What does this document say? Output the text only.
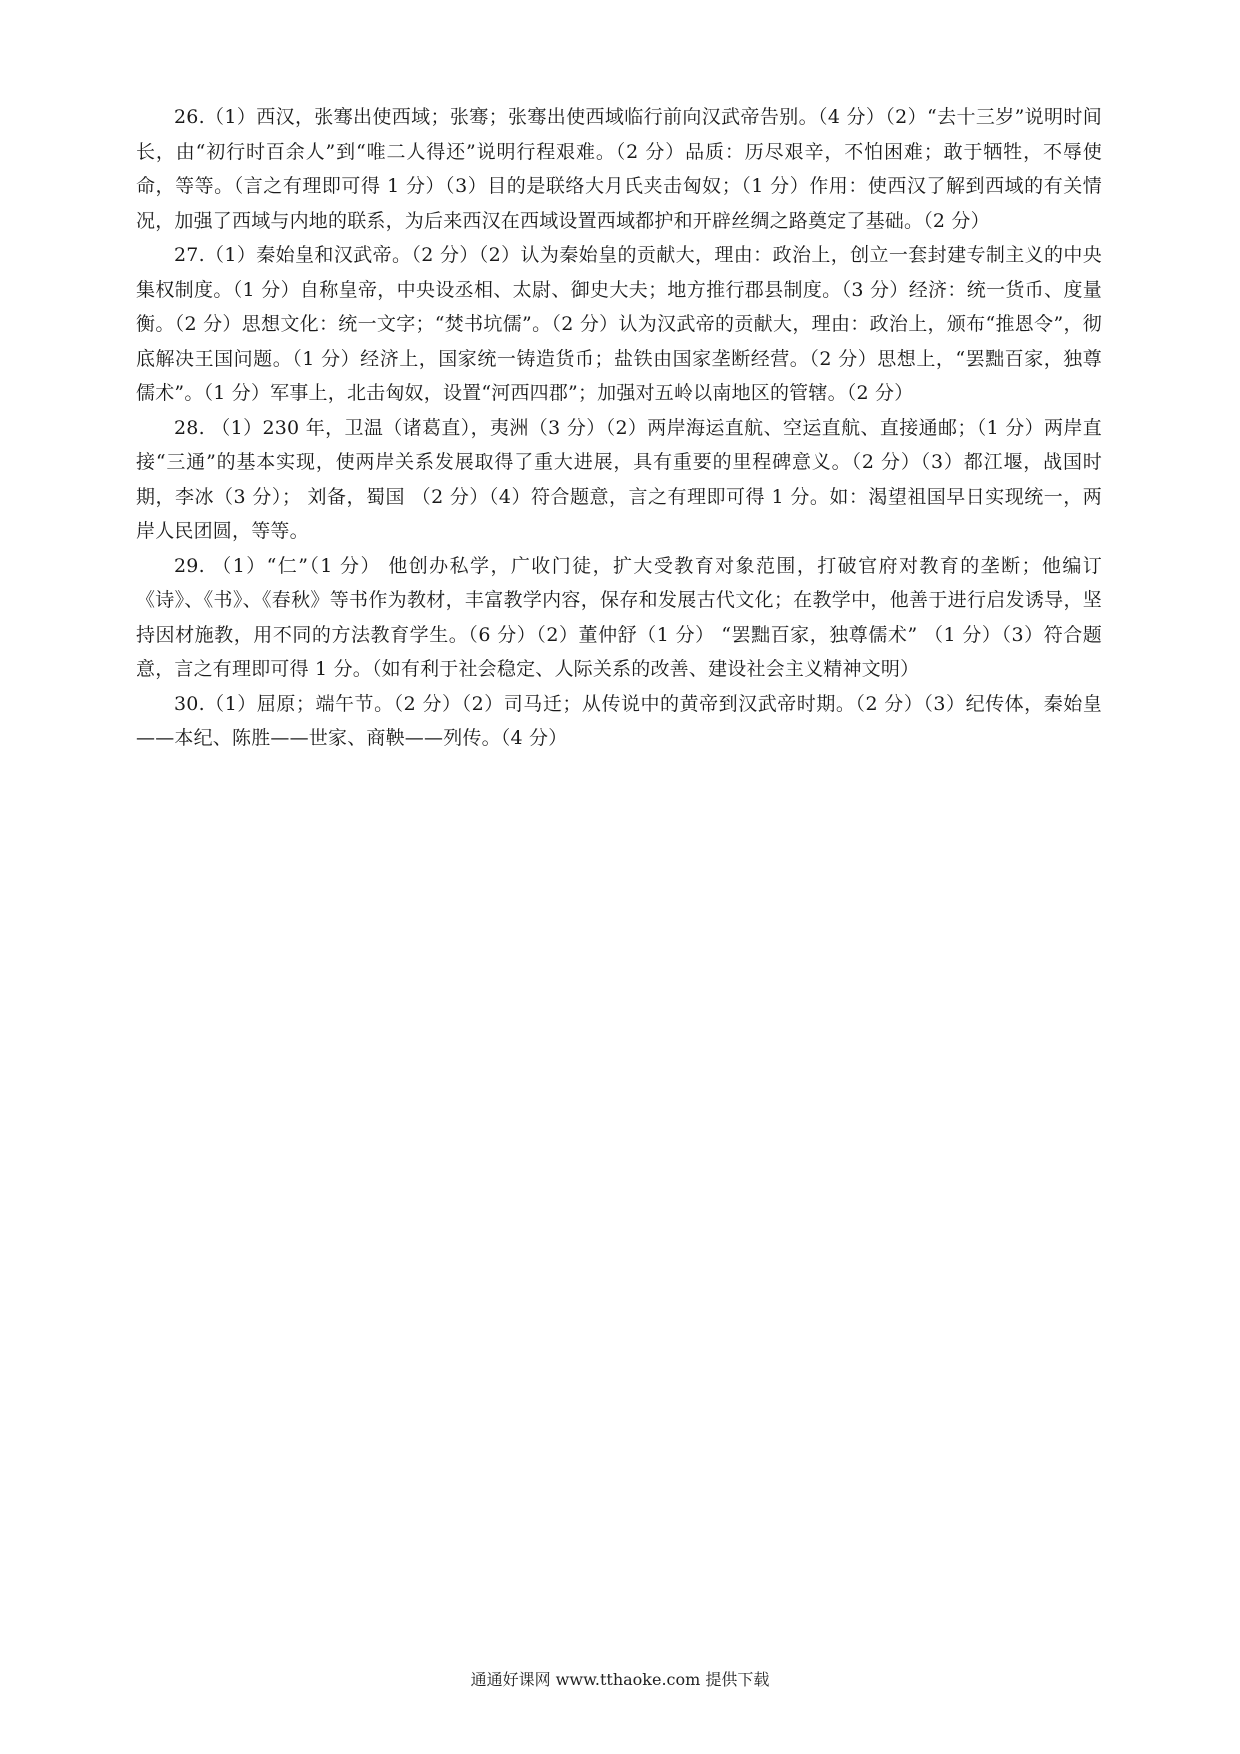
26.（1）西汉，张骞出使西域；张骞；张骞出使西域临行前向汉武帝告别。（4 分）（2）“去十三岁”说明时间长，由“初行时百余人”到“唯二人得还”说明行程艰难。（2 分）品质：历尽艰辛，不怕困难；敢于牺牲，不辱使命，等等。（言之有理即可得 1 分）（3）目的是联络大月氏夹击匈奴；（1 分）作用：使西汉了解到西域的有关情况，加强了西域与内地的联系，为后来西汉在西域设置西域都护和开辟丝绸之路奠定了基础。（2 分）

27.（1）秦始皇和汉武帝。（2 分）（2）认为秦始皇的贡献大，理由：政治上，创立一套封建专制主义的中央集权制度。（1 分）自称皇帝，中央设丞相、太尉、御史大夫；地方推行郡县制度。（3 分）经济：统一货币、度量衡。（2 分）思想文化：统一文字；“焚书坑儒”。（2 分）认为汉武帝的贡献大，理由：政治上，颁布“推恩令”，彻底解决王国问题。（1 分）经济上，国家统一铸造货币；盐铁由国家垄断经营。（2 分）思想上，“罢黜百家，独尊儒术”。（1 分）军事上，北击匈奴，设置“河西四郡”；加强对五岭以南地区的管辖。（2 分）

28. （1）230 年，卫温（诸葛直），夷洲（3 分）（2）两岸海运直航、空运直航、直接通邮；（1 分）两岸直接“三通”的基本实现，使两岸关系发展取得了重大进展，具有重要的里程碑意义。（2 分）（3）都江堰，战国时期，李冰（3 分）； 刘备，蜀国 （2 分）（4）符合题意，言之有理即可得 1 分。如：渴望祖国早日实现统一，两岸人民团圆，等等。

29. （1）“仁”（1 分） 他创办私学，广收门徒，扩大受教育对象范围，打破官府对教育的垄断；他编订《诗》、《书》、《春秋》等书作为教材，丰富教学内容，保存和发展古代文化；在教学中，他善于进行启发诱导，坚持因材施教，用不同的方法教育学生。（6 分）（2）董仲舒（1 分） “罢黜百家，独尊儒术” （1 分）（3）符合题意，言之有理即可得 1 分。（如有利于社会稳定、人际关系的改善、建设社会主义精神文明）

30.（1）屈原；端午节。（2 分）（2）司马迁；从传说中的黄帝到汉武帝时期。（2 分）（3）纪传体，秦始皇——本纪、陈胜——世家、商鞅——列传。（4 分）

通通好课网 www.tthaoke.com 提供下载
